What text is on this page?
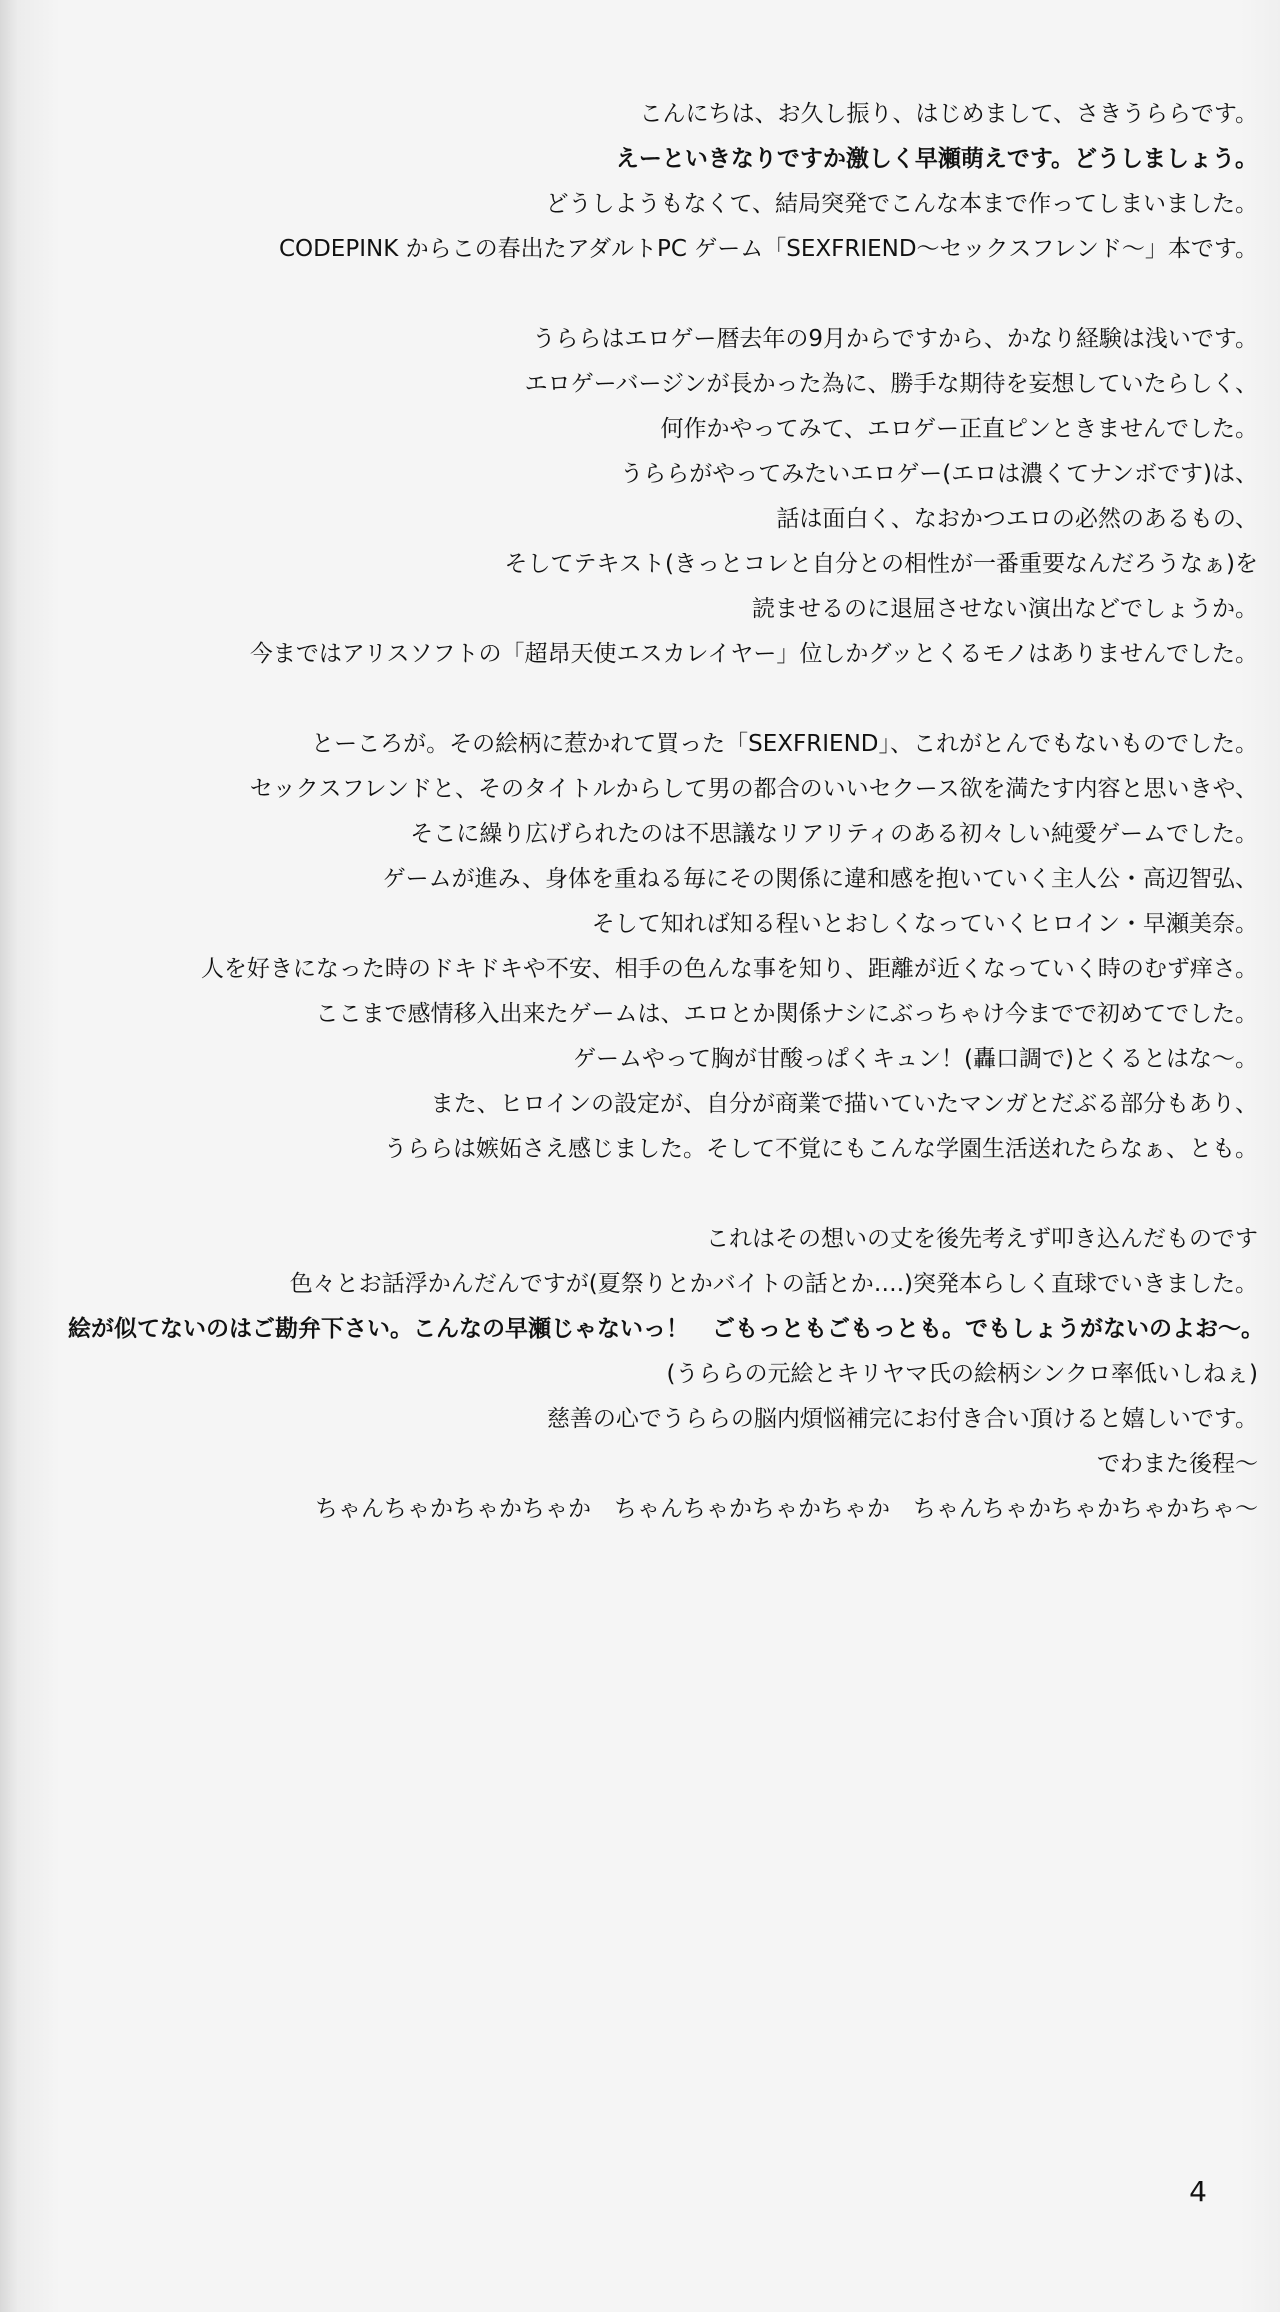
こんにちは、お久し振り、はじめまして、さきうららです。
えーといきなりですか激しく早瀬萌えです。どうしましょう。
どうしようもなくて、結局突発でこんな本まで作ってしまいました。
CODEPINK からこの春出たアダルトPC ゲーム「SEXFRIEND～セックスフレンド～」本です。
うららはエロゲー暦去年の9月からですから、かなり経験は浅いです。
エロゲーバージンが長かった為に、勝手な期待を妄想していたらしく、
何作かやってみて、エロゲー正直ピンときませんでした。
うららがやってみたいエロゲー(エロは濃くてナンボです)は、
話は面白く、なおかつエロの必然のあるもの、
そしてテキスト(きっとコレと自分との相性が一番重要なんだろうなぁ)を
読ませるのに退屈させない演出などでしょうか。
今まではアリスソフトの「超昂天使エスカレイヤー」位しかグッとくるモノはありませんでした。
とーころが。その絵柄に惹かれて買った「SEXFRIEND」、これがとんでもないものでした。
セックスフレンドと、そのタイトルからして男の都合のいいセクース欲を満たす内容と思いきや、
そこに繰り広げられたのは不思議なリアリティのある初々しい純愛ゲームでした。
ゲームが進み、身体を重ねる毎にその関係に違和感を抱いていく主人公・高辺智弘、
そして知れば知る程いとおしくなっていくヒロイン・早瀬美奈。
人を好きになった時のドキドキや不安、相手の色んな事を知り、距離が近くなっていく時のむず痒さ。
ここまで感情移入出来たゲームは、エロとか関係ナシにぶっちゃけ今までで初めてでした。
ゲームやって胸が甘酸っぱくキュン！(轟口調で)とくるとはな～。
また、ヒロインの設定が、自分が商業で描いていたマンガとだぶる部分もあり、
うららは嫉妬さえ感じました。そして不覚にもこんな学園生活送れたらなぁ、とも。
これはその想いの丈を後先考えず叩き込んだものです
色々とお話浮かんだんですが(夏祭りとかバイトの話とか….)突発本らしく直球でいきました。
絵が似てないのはご勘弁下さい。こんなの早瀬じゃないっ！　ごもっともごもっとも。でもしょうがないのよお～。
(うららの元絵とキリヤマ氏の絵柄シンクロ率低いしねぇ)
慈善の心でうららの脳内煩悩補完にお付き合い頂けると嬉しいです。
でわまた後程～
ちゃんちゃかちゃかちゃか　ちゃんちゃかちゃかちゃか　ちゃんちゃかちゃかちゃかちゃ～
4
